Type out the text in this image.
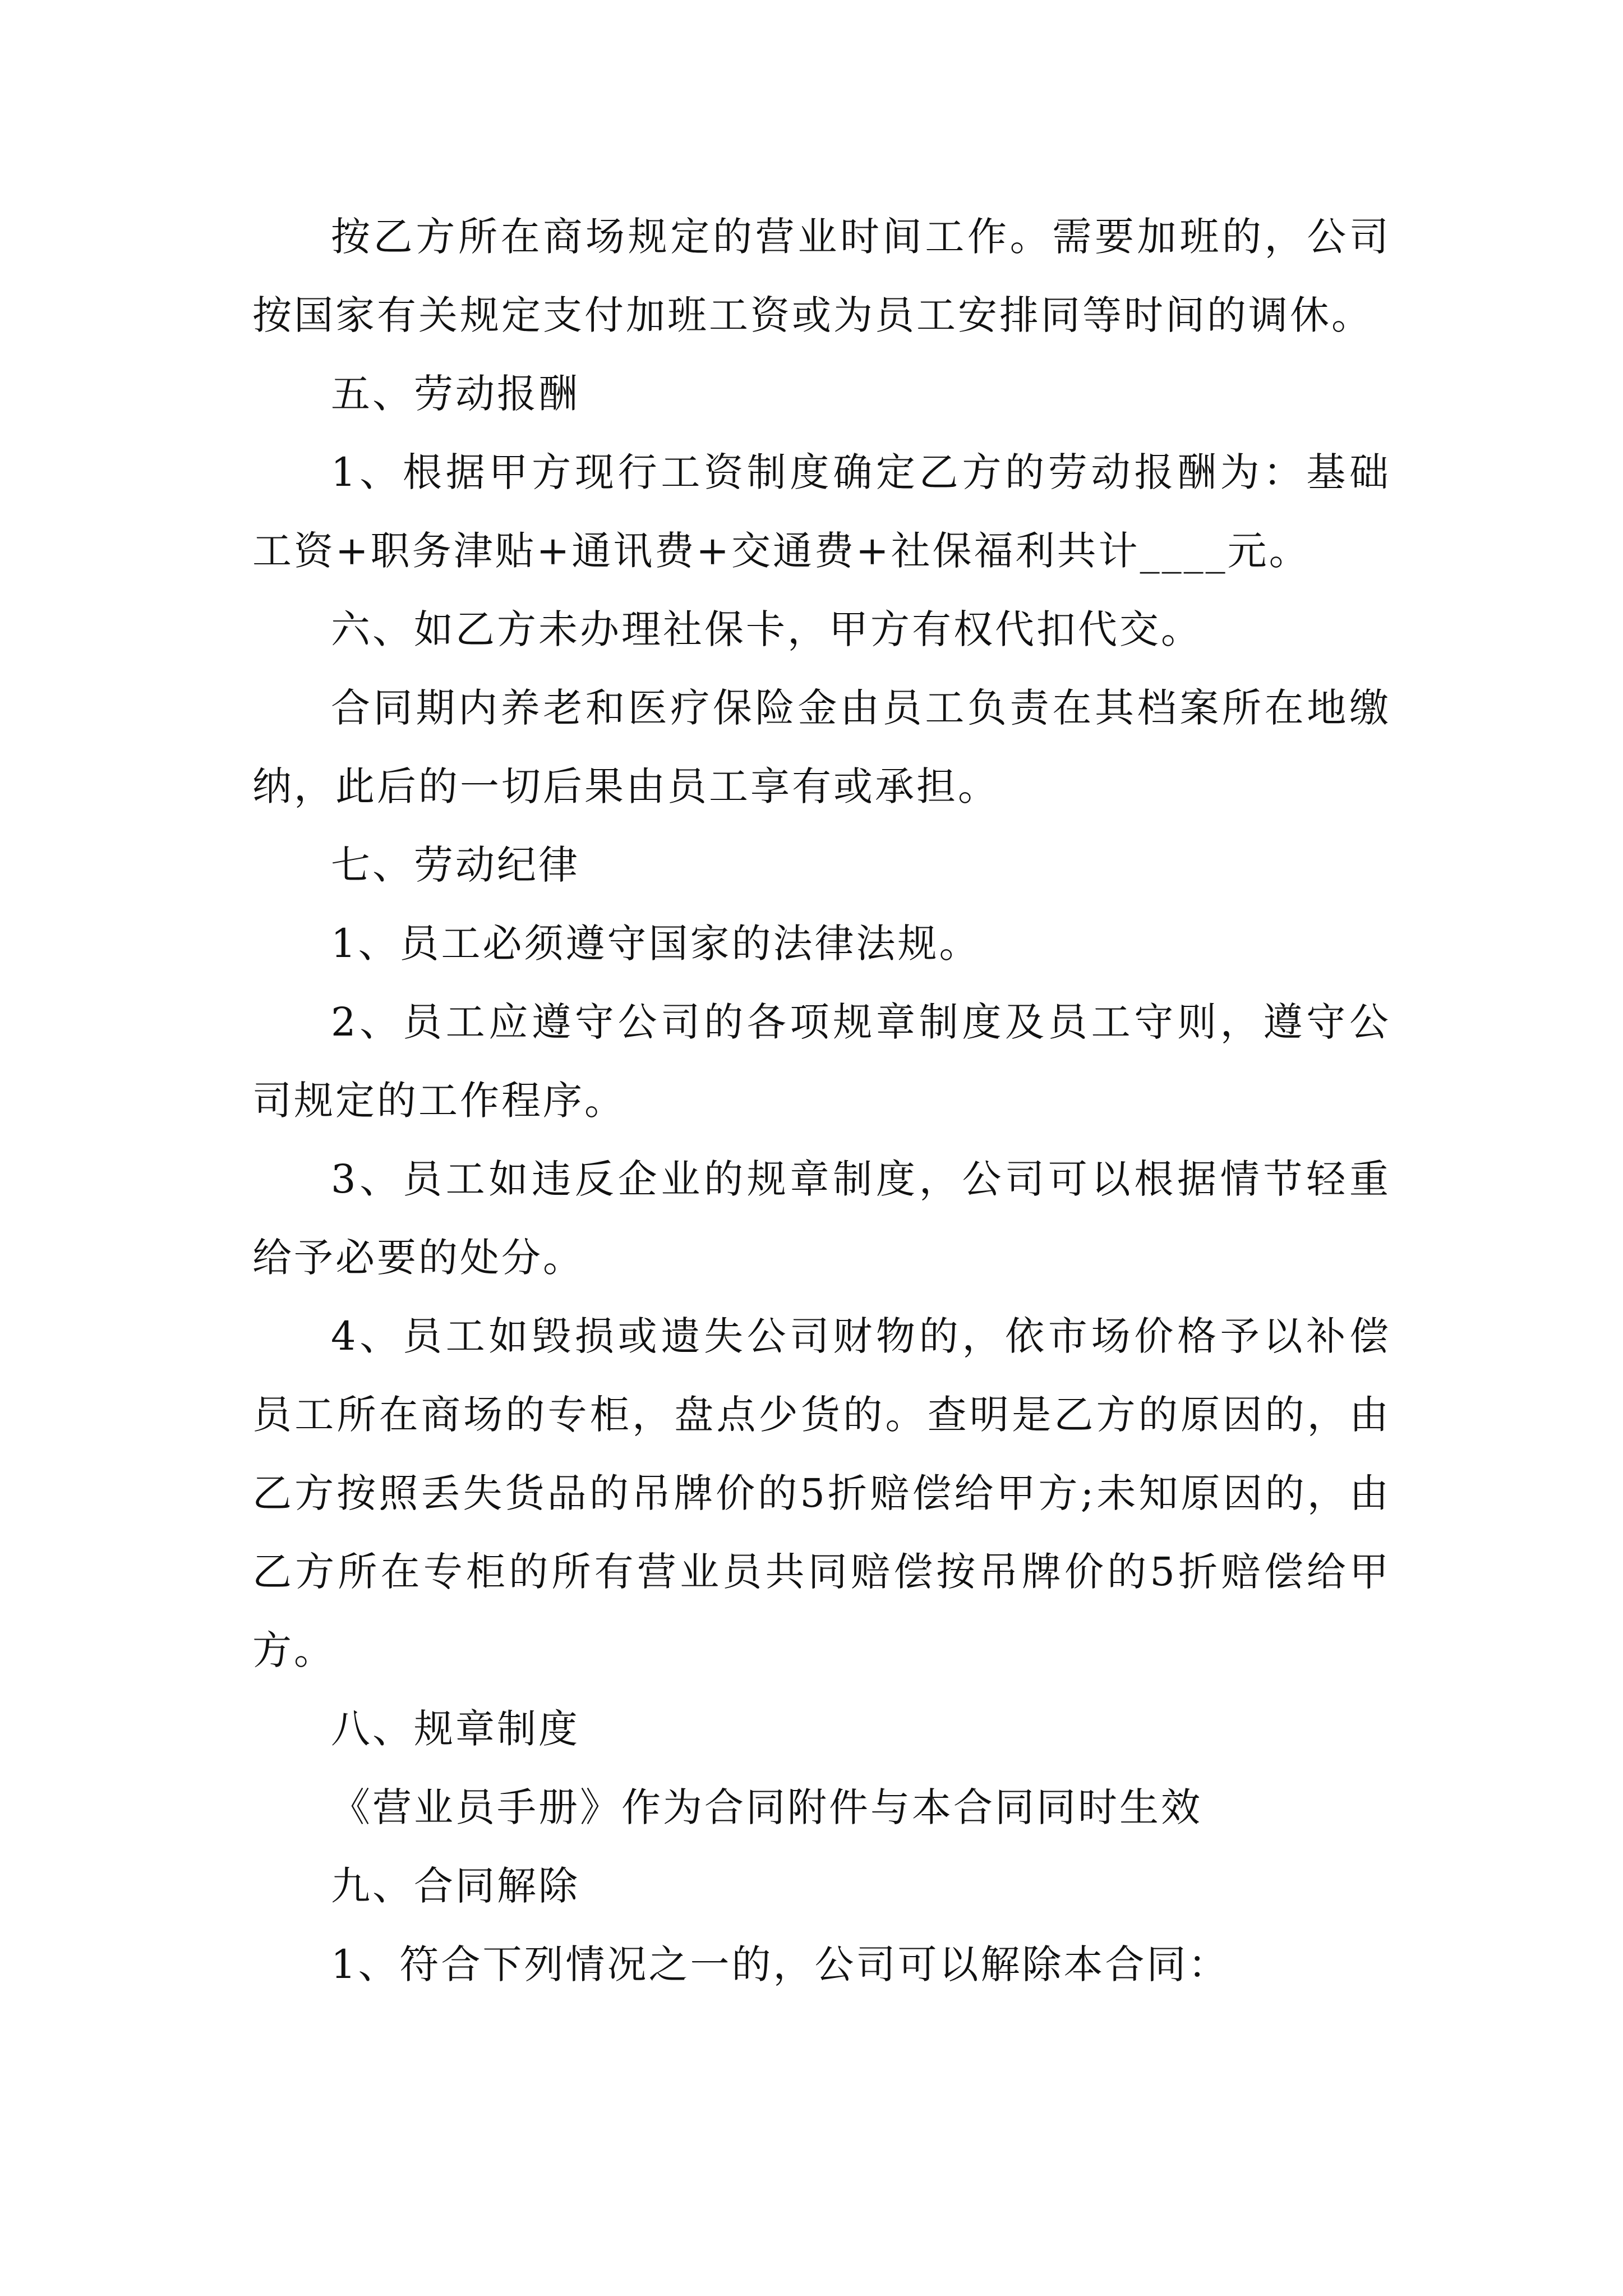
按乙方所在商场规定的营业时间工作。需要加班的，公司按国家有关规定支付加班工资或为员工安排同等时间的调休。

五、劳动报酬

1、根据甲方现行工资制度确定乙方的劳动报酬为：基础工资+职务津贴+通讯费+交通费+社保福利共计____元。

六、如乙方未办理社保卡，甲方有权代扣代交。

合同期内养老和医疗保险金由员工负责在其档案所在地缴纳，此后的一切后果由员工享有或承担。

七、劳动纪律

1、员工必须遵守国家的法律法规。

2、员工应遵守公司的各项规章制度及员工守则，遵守公司规定的工作程序。

3、员工如违反企业的规章制度，公司可以根据情节轻重给予必要的处分。

4、员工如毁损或遗失公司财物的，依市场价格予以补偿员工所在商场的专柜，盘点少货的。查明是乙方的原因的，由乙方按照丢失货品的吊牌价的5折赔偿给甲方;未知原因的，由乙方所在专柜的所有营业员共同赔偿按吊牌价的5折赔偿给甲方。

八、规章制度

《营业员手册》作为合同附件与本合同同时生效

九、合同解除

1、符合下列情况之一的，公司可以解除本合同：
